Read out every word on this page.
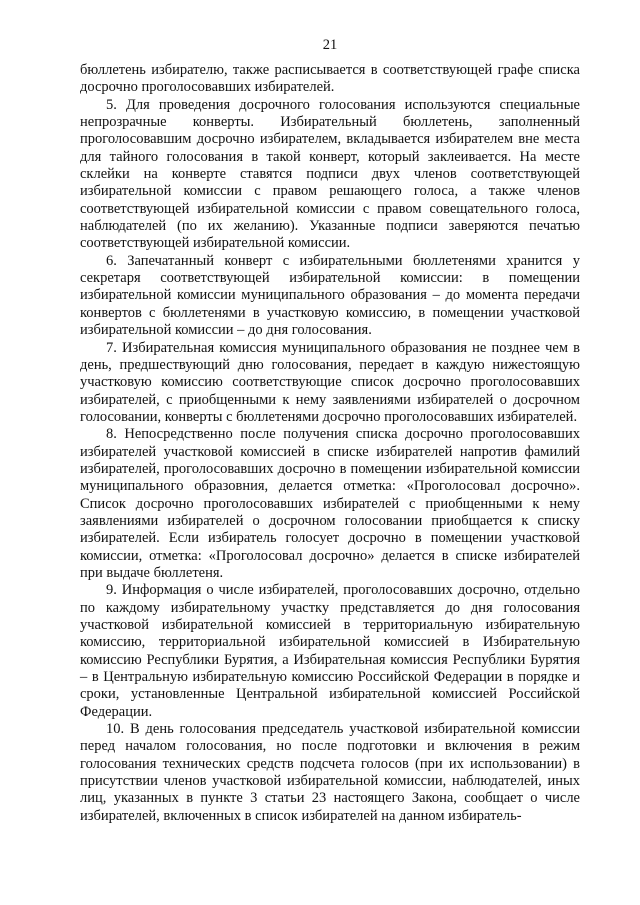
21

бюллетень избирателю, также расписывается в соответствующей графе списка досрочно проголосовавших избирателей.

5. Для проведения досрочного голосования используются специальные непрозрачные конверты. Избирательный бюллетень, заполненный проголосовавшим досрочно избирателем, вкладывается избирателем вне места для тайного голосования в такой конверт, который заклеивается. На месте склейки на конверте ставятся подписи двух членов соответствующей избирательной комиссии с правом решающего голоса, а также членов соответствующей избирательной комиссии с правом совещательного голоса, наблюдателей (по их желанию). Указанные подписи заверяются печатью соответствующей избирательной комиссии.

6. Запечатанный конверт с избирательными бюллетенями хранится у секретаря соответствующей избирательной комиссии: в помещении избирательной комиссии муниципального образования – до момента передачи конвертов с бюллетенями в участковую комиссию, в помещении участковой избирательной комиссии – до дня голосования.

7. Избирательная комиссия муниципального образования не позднее чем в день, предшествующий дню голосования, передает в каждую нижестоящую участковую комиссию соответствующие список досрочно проголосовавших избирателей, с приобщенными к нему заявлениями избирателей о досрочном голосовании, конверты с бюллетенями досрочно проголосовавших избирателей.

8. Непосредственно после получения списка досрочно проголосовавших избирателей участковой комиссией в списке избирателей напротив фамилий избирателей, проголосовавших досрочно в помещении избирательной комиссии муниципального образовния, делается отметка: «Проголосовал досрочно». Список досрочно проголосовавших избирателей с приобщенными к нему заявлениями избирателей о досрочном голосовании приобщается к списку избирателей. Если избиратель голосует досрочно в помещении участковой комиссии, отметка: «Проголосовал досрочно» делается в списке избирателей при выдаче бюллетеня.

9. Информация о числе избирателей, проголосовавших досрочно, отдельно по каждому избирательному участку представляется до дня голосования участковой избирательной комиссией в территориальную избирательную комиссию, территориальной избирательной комиссией в Избирательную комиссию Республики Бурятия, а Избирательная комиссия Республики Бурятия – в Центральную избирательную комиссию Российской Федерации в порядке и сроки, установленные Центральной избирательной комиссией Российской Федерации.

10. В день голосования председатель участковой избирательной комиссии перед началом голосования, но после подготовки и включения в режим голосования технических средств подсчета голосов (при их использовании) в присутствии членов участковой избирательной комиссии, наблюдателей, иных лиц, указанных в пункте 3 статьи 23 настоящего Закона, сообщает о числе избирателей, включенных в список избирателей на данном избиратель-
